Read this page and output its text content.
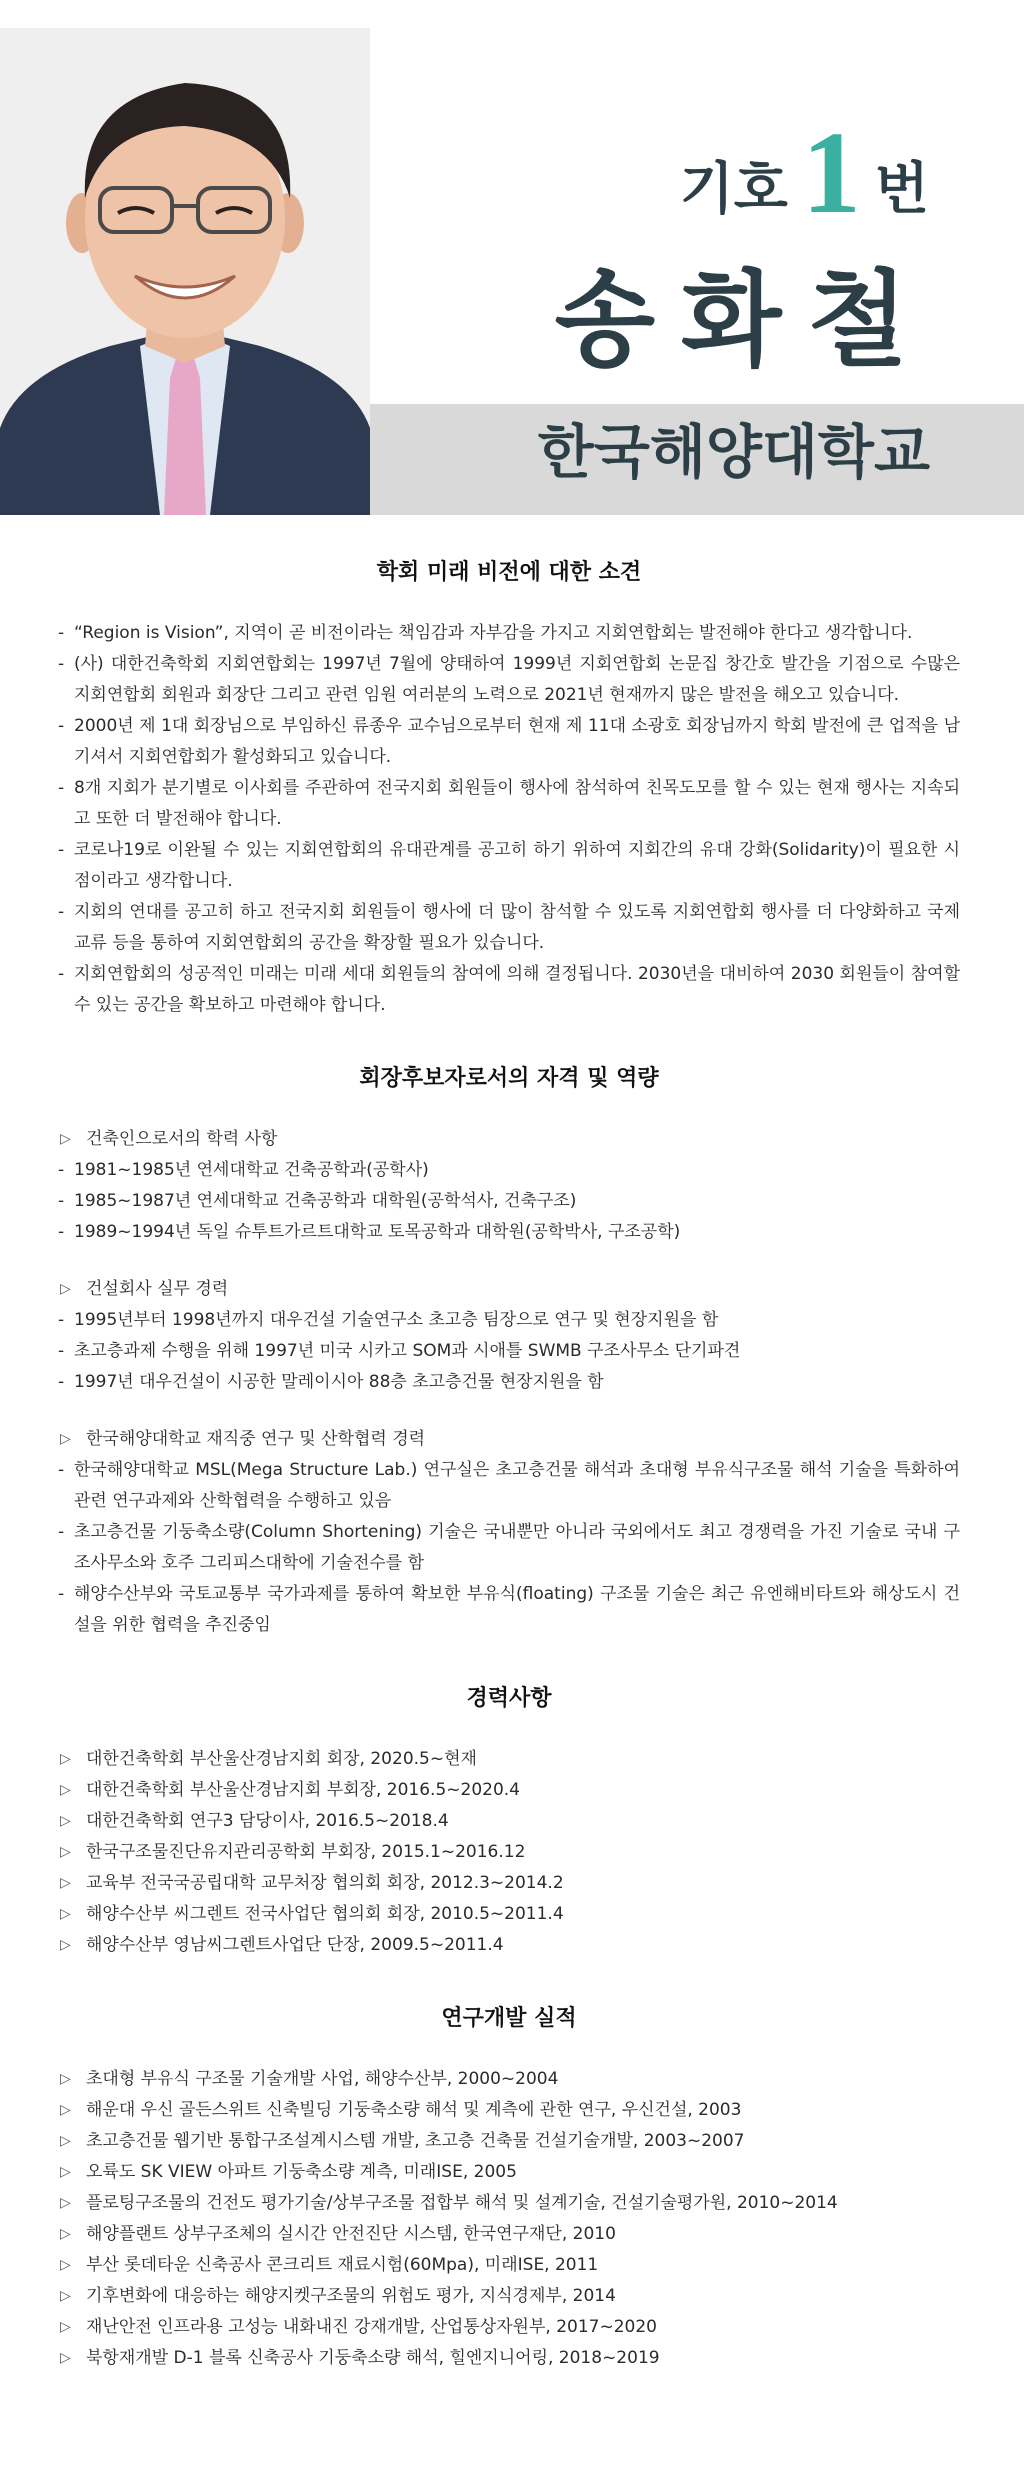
기호 1 번
송화철
한국해양대학교
학회 미래 비전에 대한 소견
- “Region is Vision”, 지역이 곧 비전이라는 책임감과 자부감을 가지고 지회연합회는 발전해야 한다고 생각합니다.
- (사) 대한건축학회 지회연합회는 1997년 7월에 양태하여 1999년 지회연합회 논문집 창간호 발간을 기점으로 수많은 지회연합회 회원과 회장단 그리고 관련 임원 여러분의 노력으로 2021년 현재까지 많은 발전을 해오고 있습니다.
- 2000년 제 1대 회장님으로 부임하신 류종우 교수님으로부터 현재 제 11대 소광호 회장님까지 학회 발전에 큰 업적을 남기셔서 지회연합회가 활성화되고 있습니다.
- 8개 지회가 분기별로 이사회를 주관하여 전국지회 회원들이 행사에 참석하여 친목도모를 할 수 있는 현재 행사는 지속되고 또한 더 발전해야 합니다.
- 코로나19로 이완될 수 있는 지회연합회의 유대관계를 공고히 하기 위하여 지회간의 유대 강화(Solidarity)이 필요한 시점이라고 생각합니다.
- 지회의 연대를 공고히 하고 전국지회 회원들이 행사에 더 많이 참석할 수 있도록 지회연합회 행사를 더 다양화하고 국제교류 등을 통하여 지회연합회의 공간을 확장할 필요가 있습니다.
- 지회연합회의 성공적인 미래는 미래 세대 회원들의 참여에 의해 결정됩니다. 2030년을 대비하여 2030 회원들이 참여할 수 있는 공간을 확보하고 마련해야 합니다.
회장후보자로서의 자격 및 역량
▷ 건축인으로서의 학력 사항
- 1981~1985년 연세대학교 건축공학과(공학사)
- 1985~1987년 연세대학교 건축공학과 대학원(공학석사, 건축구조)
- 1989~1994년 독일 슈투트가르트대학교 토목공학과 대학원(공학박사, 구조공학)
▷ 건설회사 실무 경력
- 1995년부터 1998년까지 대우건설 기술연구소 초고층 팀장으로 연구 및 현장지원을 함
- 초고층과제 수행을 위해 1997년 미국 시카고 SOM과 시애틀 SWMB 구조사무소 단기파견
- 1997년 대우건설이 시공한 말레이시아 88층 초고층건물 현장지원을 함
▷ 한국해양대학교 재직중 연구 및 산학협력 경력
- 한국해양대학교 MSL(Mega Structure Lab.) 연구실은 초고층건물 해석과 초대형 부유식구조물 해석 기술을 특화하여 관련 연구과제와 산학협력을 수행하고 있음
- 초고층건물 기둥축소량(Column Shortening) 기술은 국내뿐만 아니라 국외에서도 최고 경쟁력을 가진 기술로 국내 구조사무소와 호주 그리피스대학에 기술전수를 함
- 해양수산부와 국토교통부 국가과제를 통하여 확보한 부유식(floating) 구조물 기술은 최근 유엔해비타트와 해상도시 건설을 위한 협력을 추진중임
경력사항
▷ 대한건축학회 부산울산경남지회 회장, 2020.5~현재
▷ 대한건축학회 부산울산경남지회 부회장, 2016.5~2020.4
▷ 대한건축학회 연구3 담당이사, 2016.5~2018.4
▷ 한국구조물진단유지관리공학회 부회장, 2015.1~2016.12
▷ 교육부 전국국공립대학 교무처장 협의회 회장, 2012.3~2014.2
▷ 해양수산부 씨그렌트 전국사업단 협의회 회장, 2010.5~2011.4
▷ 해양수산부 영남씨그렌트사업단 단장, 2009.5~2011.4
연구개발 실적
▷ 초대형 부유식 구조물 기술개발 사업, 해양수산부, 2000~2004
▷ 해운대 우신 골든스위트 신축빌딩 기둥축소량 해석 및 계측에 관한 연구, 우신건설, 2003
▷ 초고층건물 웹기반 통합구조설계시스템 개발, 초고층 건축물 건설기술개발, 2003~2007
▷ 오륙도 SK VIEW 아파트 기둥축소량 계측, 미래ISE, 2005
▷ 플로팅구조물의 건전도 평가기술/상부구조물 접합부 해석 및 설계기술, 건설기술평가원, 2010~2014
▷ 해양플랜트 상부구조체의 실시간 안전진단 시스템, 한국연구재단, 2010
▷ 부산 롯데타운 신축공사 콘크리트 재료시험(60Mpa), 미래ISE, 2011
▷ 기후변화에 대응하는 해양지켓구조물의 위험도 평가, 지식경제부, 2014
▷ 재난안전 인프라용 고성능 내화내진 강재개발, 산업통상자원부, 2017~2020
▷ 북항재개발 D-1 블록 신축공사 기둥축소량 해석, 힐엔지니어링, 2018~2019
